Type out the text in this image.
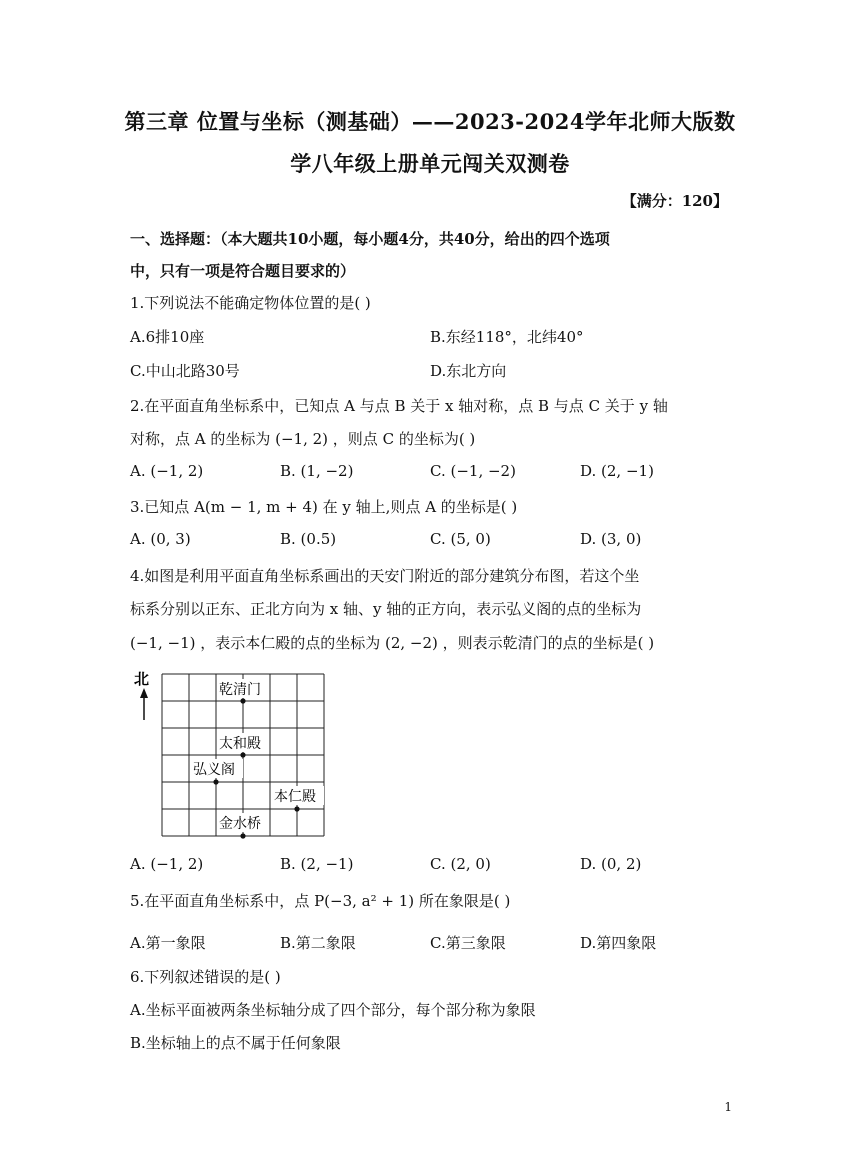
第三章 位置与坐标（测基础）——2023-2024学年北师大版数
学八年级上册单元闯关双测卷
【满分：120】
一、选择题：（本大题共10小题，每小题4分，共40分，给出的四个选项
中，只有一项是符合题目要求的）
1.下列说法不能确定物体位置的是( )
A.6排10座	B.东经118°，北纬40°
C.中山北路30号	D.东北方向
2.在平面直角坐标系中，已知点 A 与点 B 关于 x 轴对称，点 B 与点 C 关于 y 轴
对称，点 A 的坐标为 (−1, 2) ，则点 C 的坐标为( )
A. (−1, 2)	B. (1, −2)	C. (−1, −2)	D. (2, −1)
3.已知点 A(m − 1, m + 4) 在 y 轴上,则点 A 的坐标是( )
A. (0, 3)	B. (0.5)	C. (5, 0)	D. (3, 0)
4.如图是利用平面直角坐标系画出的天安门附近的部分建筑分布图，若这个坐
标系分别以正东、正北方向为 x 轴、y 轴的正方向，表示弘义阁的点的坐标为
(−1, −1) ，表示本仁殿的点的坐标为 (2, −2) ，则表示乾清门的点的坐标是( )
北
乾清门
太和殿
弘义阁
本仁殿
金水桥
A. (−1, 2)	B. (2, −1)	C. (2, 0)	D. (0, 2)
5.在平面直角坐标系中，点 P(−3, a² + 1) 所在象限是( )
A.第一象限	B.第二象限	C.第三象限	D.第四象限
6.下列叙述错误的是( )
A.坐标平面被两条坐标轴分成了四个部分，每个部分称为象限
B.坐标轴上的点不属于任何象限
1
